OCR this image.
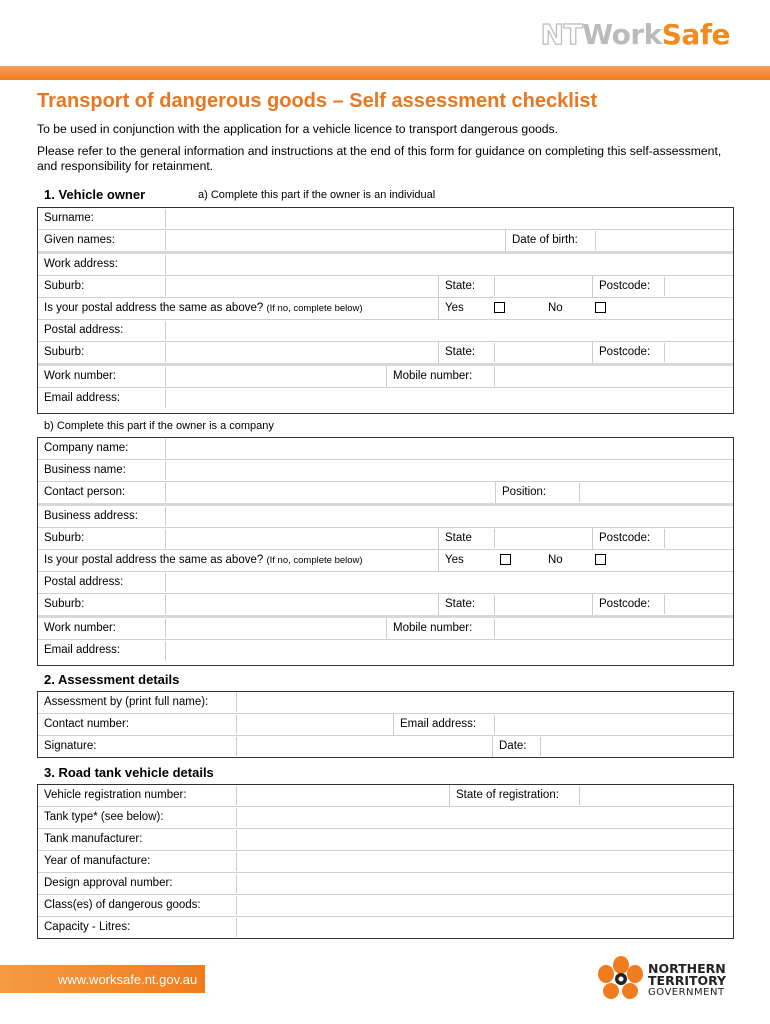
NTWorkSafe
Transport of dangerous goods – Self assessment checklist
To be used in conjunction with the application for a vehicle licence to transport dangerous goods.
Please refer to the general information and instructions at the end of this form for guidance on completing this self-assessment, and responsibility for retainment.
1. Vehicle owner	a) Complete this part if the owner is an individual
Surname:
Given names:	Date of birth:
Work address:
Suburb:	State:	Postcode:
Is your postal address the same as above? (If no, complete below)	Yes	No
Postal address:
Suburb:	State:	Postcode:
Work number:	Mobile number:
Email address:
b) Complete this part if the owner is a company
Company name:
Business name:
Contact person:	Position:
Business address:
Suburb:	State	Postcode:
Is your postal address the same as above? (If no, complete below)	Yes	No
Postal address:
Suburb:	State:	Postcode:
Work number:	Mobile number:
Email address:
2. Assessment details
Assessment by (print full name):
Contact number:	Email address:
Signature:	Date:
3. Road tank vehicle details
Vehicle registration number:	State of registration:
Tank type* (see below):
Tank manufacturer:
Year of manufacture:
Design approval number:
Class(es) of dangerous goods:
Capacity - Litres:
www.worksafe.nt.gov.au
NORTHERN
TERRITORY
GOVERNMENT
